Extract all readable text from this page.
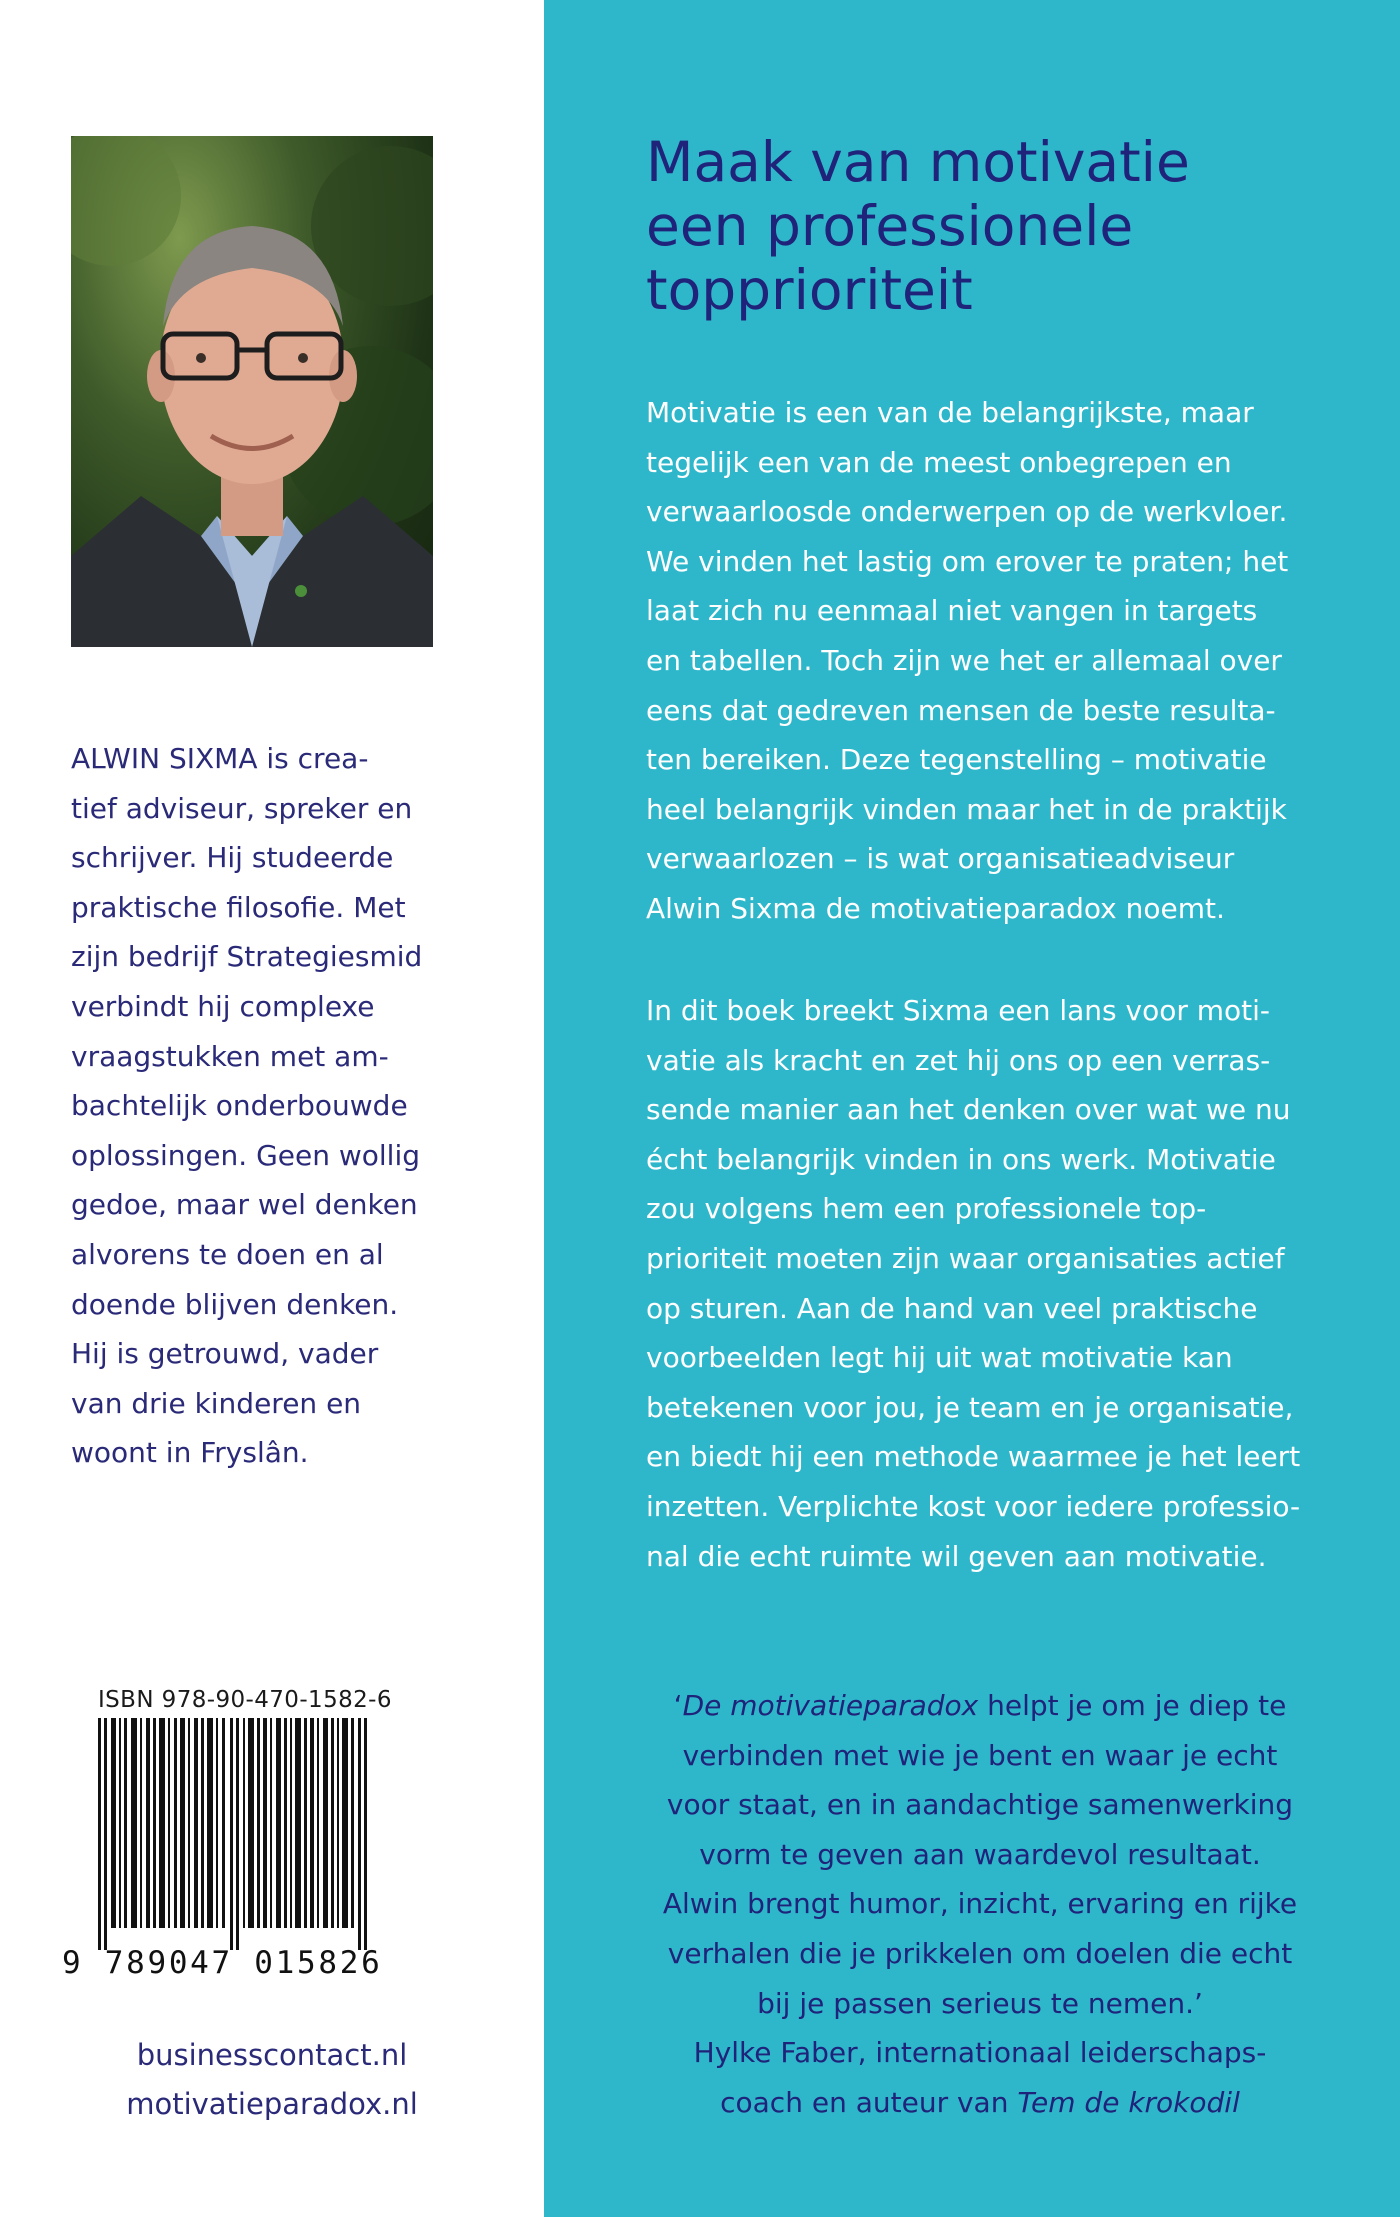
ALWIN SIXMA is crea-
tief adviseur, spreker en
schrijver. Hij studeerde
praktische filosofie. Met
zijn bedrijf Strategiesmid
verbindt hij complexe
vraagstukken met am-
bachtelijk onderbouwde
oplossingen. Geen wollig
gedoe, maar wel denken
alvorens te doen en al
doende blijven denken.
Hij is getrouwd, vader
van drie kinderen en
woont in Fryslân.

ISBN 978-90-470-1582-6
9 789047 015826
businesscontact.nl
motivatieparadox.nl
Maak van motivatie
een professionele
topprioriteit

Motivatie is een van de belangrijkste, maar
tegelijk een van de meest onbegrepen en
verwaarloosde onderwerpen op de werkvloer.
We vinden het lastig om erover te praten; het
laat zich nu eenmaal niet vangen in targets
en tabellen. Toch zijn we het er allemaal over
eens dat gedreven mensen de beste resulta-
ten bereiken. Deze tegenstelling – motivatie
heel belangrijk vinden maar het in de praktijk
verwaarlozen – is wat organisatieadviseur
Alwin Sixma de motivatieparadox noemt.

In dit boek breekt Sixma een lans voor moti-
vatie als kracht en zet hij ons op een verras-
sende manier aan het denken over wat we nu
écht belangrijk vinden in ons werk. Motivatie
zou volgens hem een professionele top-
prioriteit moeten zijn waar organisaties actief
op sturen. Aan de hand van veel praktische
voorbeelden legt hij uit wat motivatie kan
betekenen voor jou, je team en je organisatie,
en biedt hij een methode waarmee je het leert
inzetten. Verplichte kost voor iedere professio-
nal die echt ruimte wil geven aan motivatie.

‘De motivatieparadox helpt je om je diep te
verbinden met wie je bent en waar je echt
voor staat, en in aandachtige samenwerking
vorm te geven aan waardevol resultaat.
Alwin brengt humor, inzicht, ervaring en rijke
verhalen die je prikkelen om doelen die echt
bij je passen serieus te nemen.’
Hylke Faber, internationaal leiderschaps-
coach en auteur van Tem de krokodil
